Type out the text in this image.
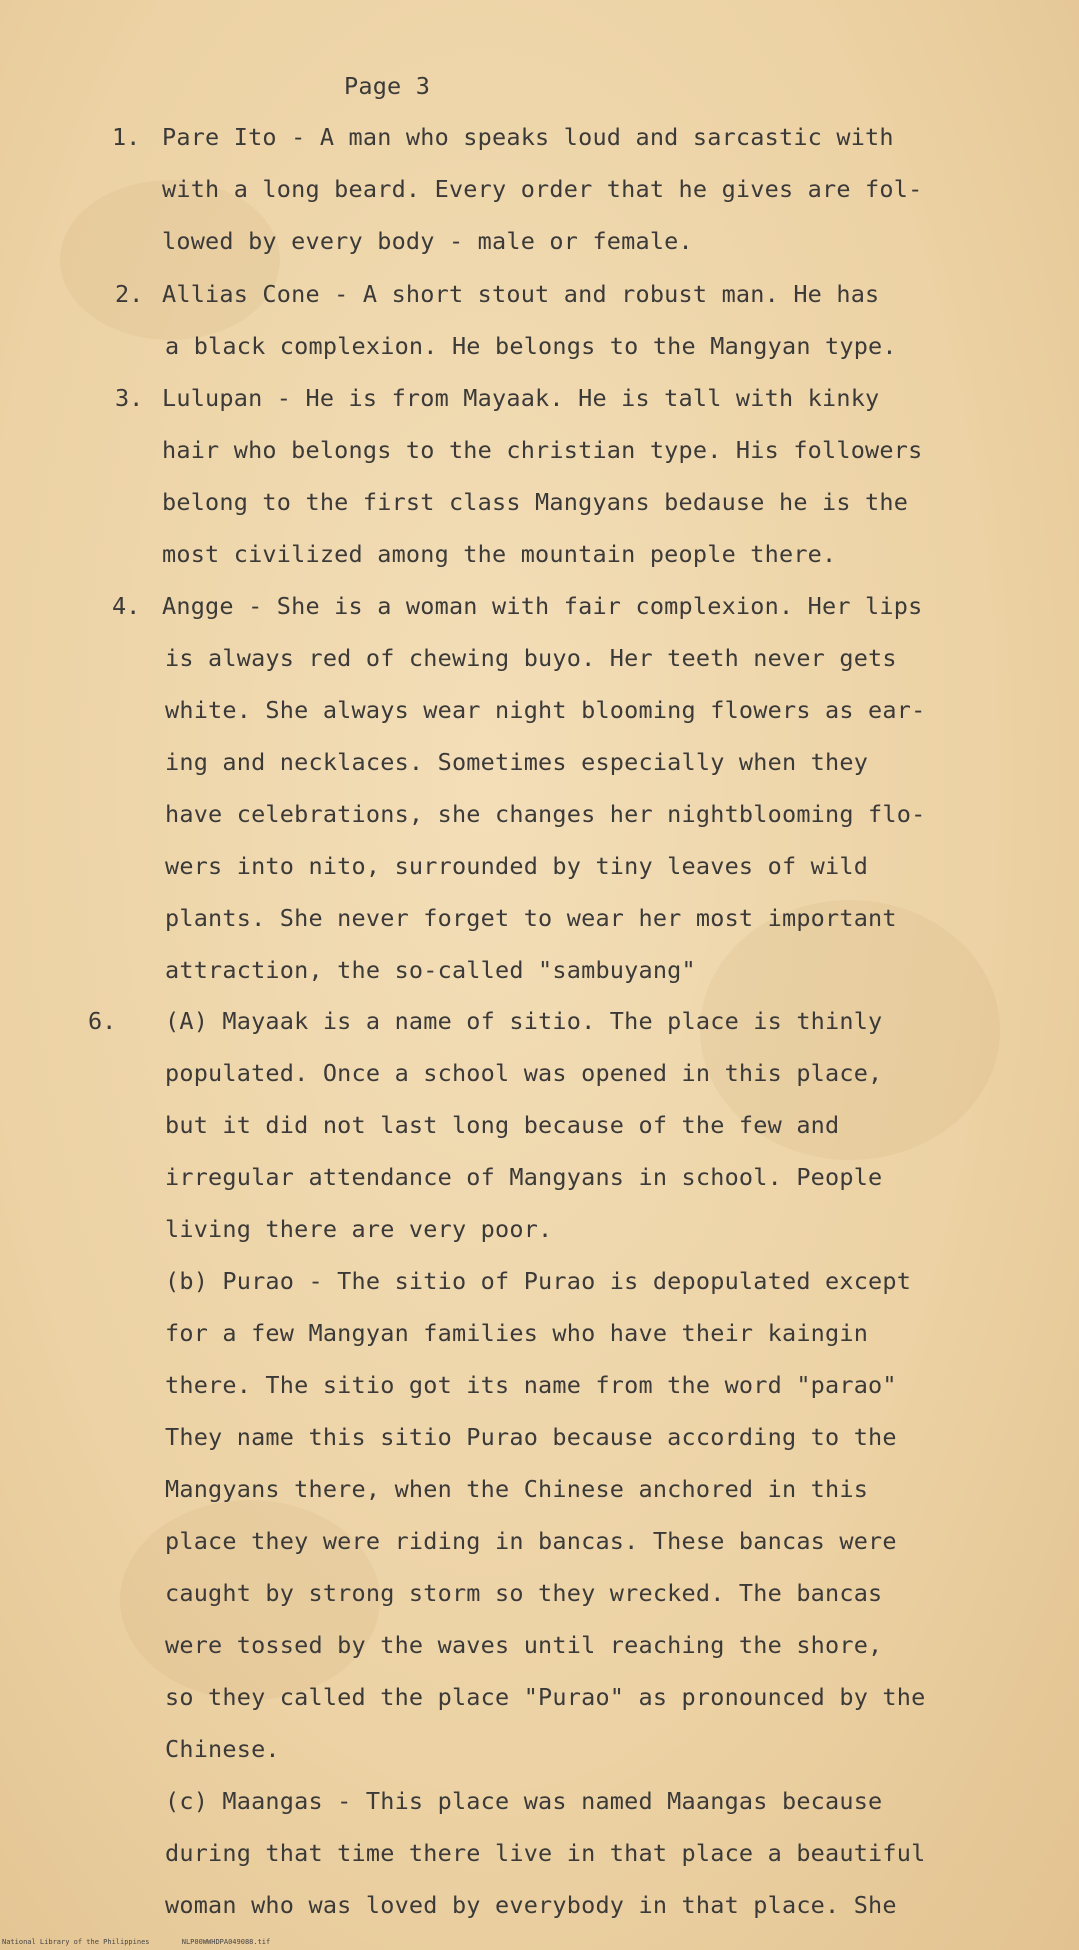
Page 3
1. Pare Ito - A man who speaks loud and sarcastic with
with a long beard. Every order that he gives are fol-
lowed by every body - male or female.
2. Allias Cone - A short stout and robust man. He has
a black complexion. He belongs to the Mangyan type.
3. Lulupan - He is from Mayaak. He is tall with kinky
hair who belongs to the christian type. His followers
belong to the first class Mangyans bedause he is the
most civilized among the mountain people there.
4. Angge - She is a woman with fair complexion. Her lips
is always red of chewing buyo. Her teeth never gets
white. She always wear night blooming flowers as ear-
ing and necklaces. Sometimes especially when they
have celebrations, she changes her nightblooming flo-
wers into nito, surrounded by tiny leaves of wild
plants. She never forget to wear her most important
attraction, the so-called "sambuyang"
6. (A) Mayaak is a name of sitio. The place is thinly
populated. Once a school was opened in this place,
but it did not last long because of the few and
irregular attendance of Mangyans in school. People
living there are very poor.
(b) Purao - The sitio of Purao is depopulated except
for a few Mangyan families who have their kaingin
there. The sitio got its name from the word "parao"
They name this sitio Purao because according to the
Mangyans there, when the Chinese anchored in this
place they were riding in bancas. These bancas were
caught by strong storm so they wrecked. The bancas
were tossed by the waves until reaching the shore,
so they called the place "Purao" as pronounced by the
Chinese.
(c) Maangas - This place was named Maangas because
during that time there live in that place a beautiful
woman who was loved by everybody in that place. She
National Library of the Philippines	NLP00WWHDPA049088.tif
